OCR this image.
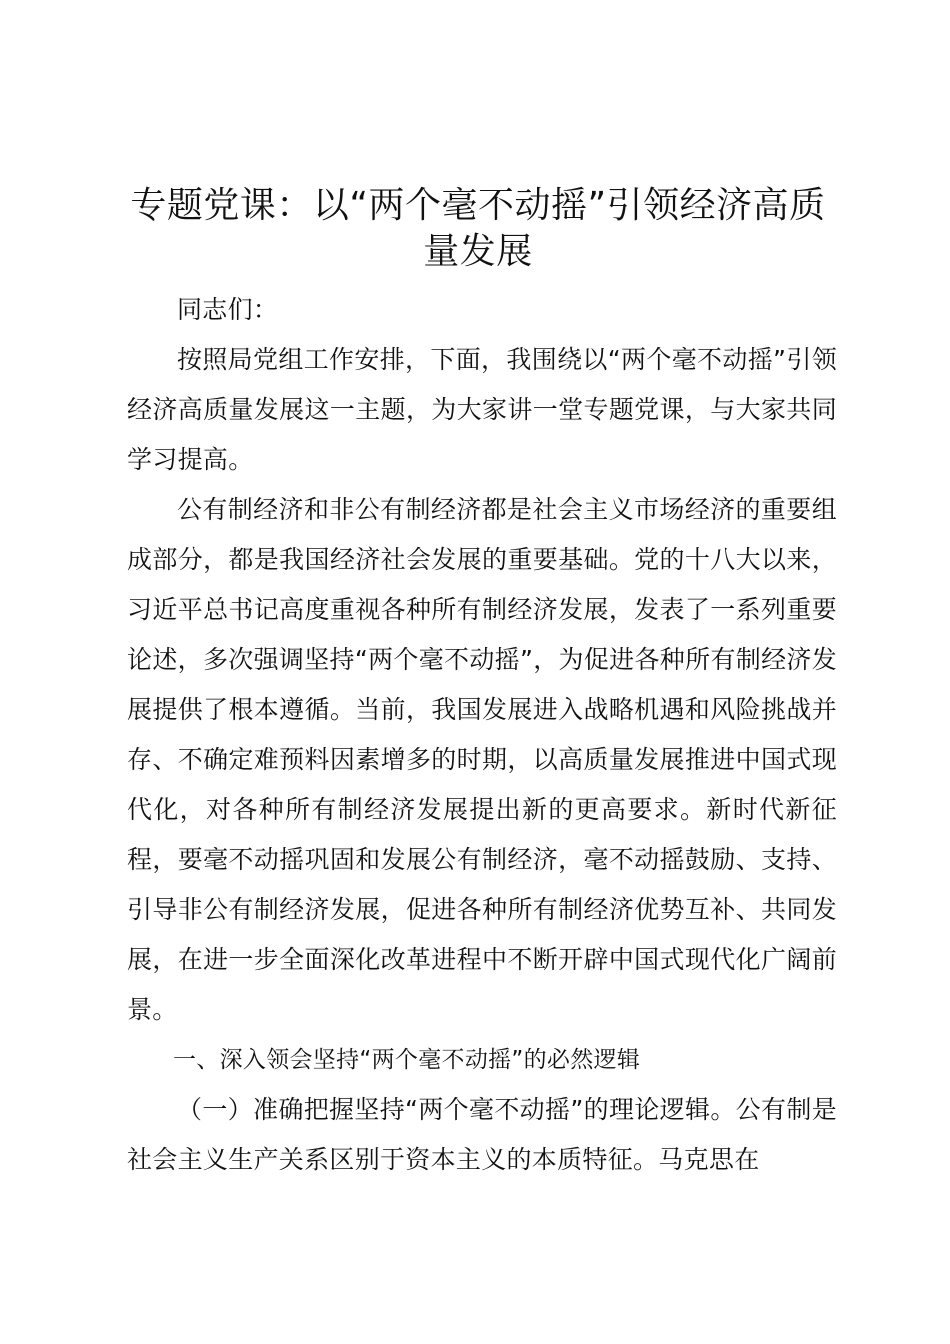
专题党课：以“两个毫不动摇”引领经济高质量发展

同志们：

按照局党组工作安排，下面，我围绕以“两个毫不动摇”引领经济高质量发展这一主题，为大家讲一堂专题党课，与大家共同学习提高。

公有制经济和非公有制经济都是社会主义市场经济的重要组成部分，都是我国经济社会发展的重要基础。党的十八大以来，习近平总书记高度重视各种所有制经济发展，发表了一系列重要论述，多次强调坚持“两个毫不动摇”，为促进各种所有制经济发展提供了根本遵循。当前，我国发展进入战略机遇和风险挑战并存、不确定难预料因素增多的时期，以高质量发展推进中国式现代化，对各种所有制经济发展提出新的更高要求。新时代新征程，要毫不动摇巩固和发展公有制经济，毫不动摇鼓励、支持、引导非公有制经济发展，促进各种所有制经济优势互补、共同发展，在进一步全面深化改革进程中不断开辟中国式现代化广阔前景。

一、深入领会坚持“两个毫不动摇”的必然逻辑

（一）准确把握坚持“两个毫不动摇”的理论逻辑。公有制是社会主义生产关系区别于资本主义的本质特征。马克思在
